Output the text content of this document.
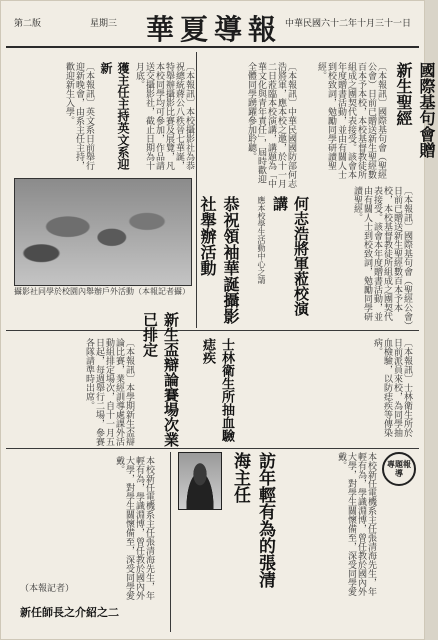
第二版	星期三 華夏導報 中華民國六十二年十月三十一日
國際基句會贈新生聖經
〔本報訊〕國際基句會（聖經公會）日前已贈送新生聖經數百本予本校，本校基督教徒所組成之團契代表接受。該會本年度贈書活動，並由有關人士到校致詞，勉勵同學研讀聖經。
何志浩將軍蒞校演講
應本校學生活動中心之請
〔本報訊〕中華民國國防部何志浩將軍，應本校之邀，於十一月二日蒞臨本校演講，講題為「中華文化與青年責任」，屆時歡迎全體同學踴躍參加聆聽。
〔本報訊〕國際基句會（聖經公會）日前已贈送新生聖經數百本予本校，本校基督教徒所組成之團契代表接受。該會本年度贈書活動，並由有關人士到校致詞，勉勵同學研讀聖經。
〔本報訊〕英文系日前舉行迎新晚會，由系主任主持，歡迎新生入學。	獲主任主持英文系迎新
恭祝領袖華誕攝影社舉辦活動
〔本報訊〕本校攝影社為恭祝總統蔣公八秩晉七華誕，特舉辦攝影比賽及展覽，凡本校同學均可參加，作品請送交攝影社，截止日期為十月底。
攝影社同學於校園內舉辦戶外活動（本報記者攝）
新生盃辯論賽場次業已排定
〔本報訊〕本學期新生盃辯論比賽，業經訓導處課外活動組排定場次，自十一月五日起，每週舉行二場，參賽各隊請準時出席。	士林衛生所抽血驗痣疾	〔本報訊〕士林衛生所於日前派員來校，為同學抽血檢驗，以防痣疾等傳染病。
訪年輕有為的張清海主任	本校新任電機系主任張清海先生，年輕有為，學識淵博，曾任教於國內外大學，對學生關懷備至，深受同學愛戴。	專題報導
本校新任電機系主任張清海先生，年輕有為，學識淵博，曾任教於國內外大學，對學生關懷備至，深受同學愛戴。
新任師長之介紹之二
（本報記者）
